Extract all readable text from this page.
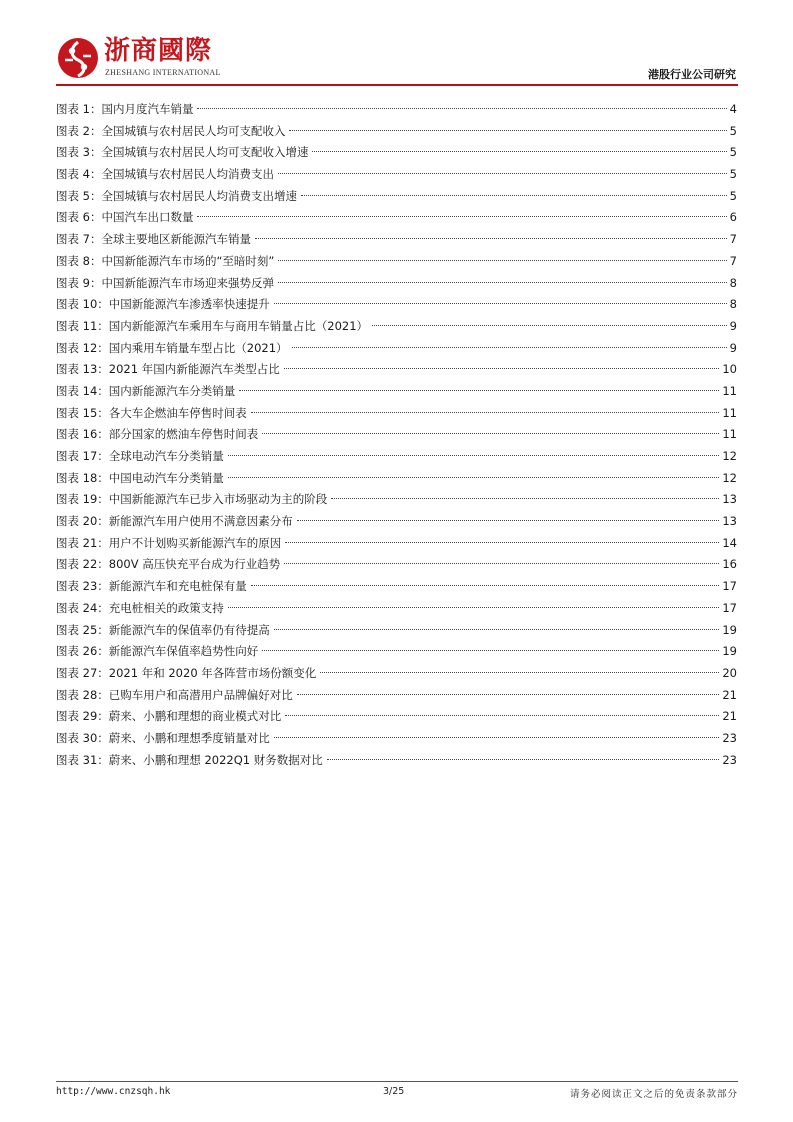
浙商國際
ZHESHANG INTERNATIONAL	港股行业公司研究
图表 1：国内月度汽车销量	4
图表 2：全国城镇与农村居民人均可支配收入	5
图表 3：全国城镇与农村居民人均可支配收入增速	5
图表 4：全国城镇与农村居民人均消费支出	5
图表 5：全国城镇与农村居民人均消费支出增速	5
图表 6：中国汽车出口数量	6
图表 7：全球主要地区新能源汽车销量	7
图表 8：中国新能源汽车市场的“至暗时刻”	7
图表 9：中国新能源汽车市场迎来强势反弹	8
图表 10：中国新能源汽车渗透率快速提升	8
图表 11：国内新能源汽车乘用车与商用车销量占比（2021）	9
图表 12：国内乘用车销量车型占比（2021）	9
图表 13：2021 年国内新能源汽车类型占比	10
图表 14：国内新能源汽车分类销量	11
图表 15：各大车企燃油车停售时间表	11
图表 16：部分国家的燃油车停售时间表	11
图表 17：全球电动汽车分类销量	12
图表 18：中国电动汽车分类销量	12
图表 19：中国新能源汽车已步入市场驱动为主的阶段	13
图表 20：新能源汽车用户使用不满意因素分布	13
图表 21：用户不计划购买新能源汽车的原因	14
图表 22：800V 高压快充平台成为行业趋势	16
图表 23：新能源汽车和充电桩保有量	17
图表 24：充电桩相关的政策支持	17
图表 25：新能源汽车的保值率仍有待提高	19
图表 26：新能源汽车保值率趋势性向好	19
图表 27：2021 年和 2020 年各阵营市场份额变化	20
图表 28：已购车用户和高潜用户品牌偏好对比	21
图表 29：蔚来、小鹏和理想的商业模式对比	21
图表 30：蔚来、小鹏和理想季度销量对比	23
图表 31：蔚来、小鹏和理想 2022Q1 财务数据对比	23
http://www.cnzsqh.hk	3/25	请务必阅读正文之后的免责条款部分
